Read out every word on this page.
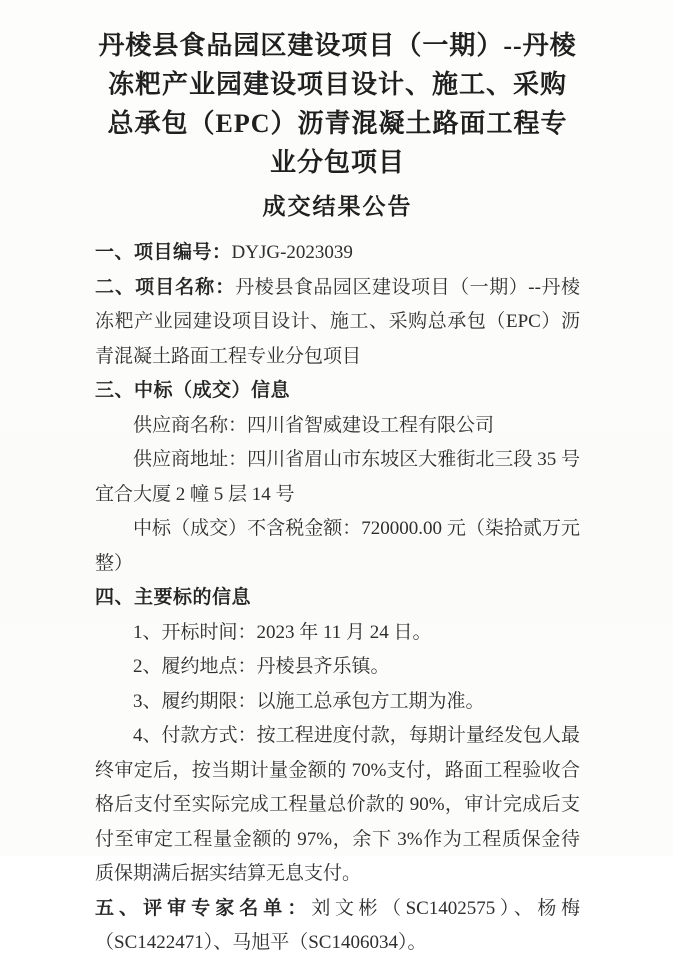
丹棱县食品园区建设项目（一期）--丹棱冻粑产业园建设项目设计、施工、采购总承包（EPC）沥青混凝土路面工程专业分包项目
成交结果公告

一、项目编号：DYJG-2023039

二、项目名称：丹棱县食品园区建设项目（一期）--丹棱冻粑产业园建设项目设计、施工、采购总承包（EPC）沥青混凝土路面工程专业分包项目

三、中标（成交）信息

供应商名称：四川省智威建设工程有限公司

供应商地址：四川省眉山市东坡区大雅街北三段 35 号宜合大厦 2 幢 5 层 14 号

中标（成交）不含税金额：720000.00 元（柒拾贰万元整）

四、主要标的信息

1、开标时间：2023 年 11 月 24 日。

2、履约地点：丹棱县齐乐镇。

3、履约期限：以施工总承包方工期为准。

4、付款方式：按工程进度付款，每期计量经发包人最终审定后，按当期计量金额的 70%支付，路面工程验收合格后支付至实际完成工程量总价款的 90%，审计完成后支付至审定工程量金额的 97%，余下 3%作为工程质保金待质保期满后据实结算无息支付。

五、评审专家名单：刘文彬（SC1402575）、杨梅（SC1422471）、马旭平（SC1406034）。
